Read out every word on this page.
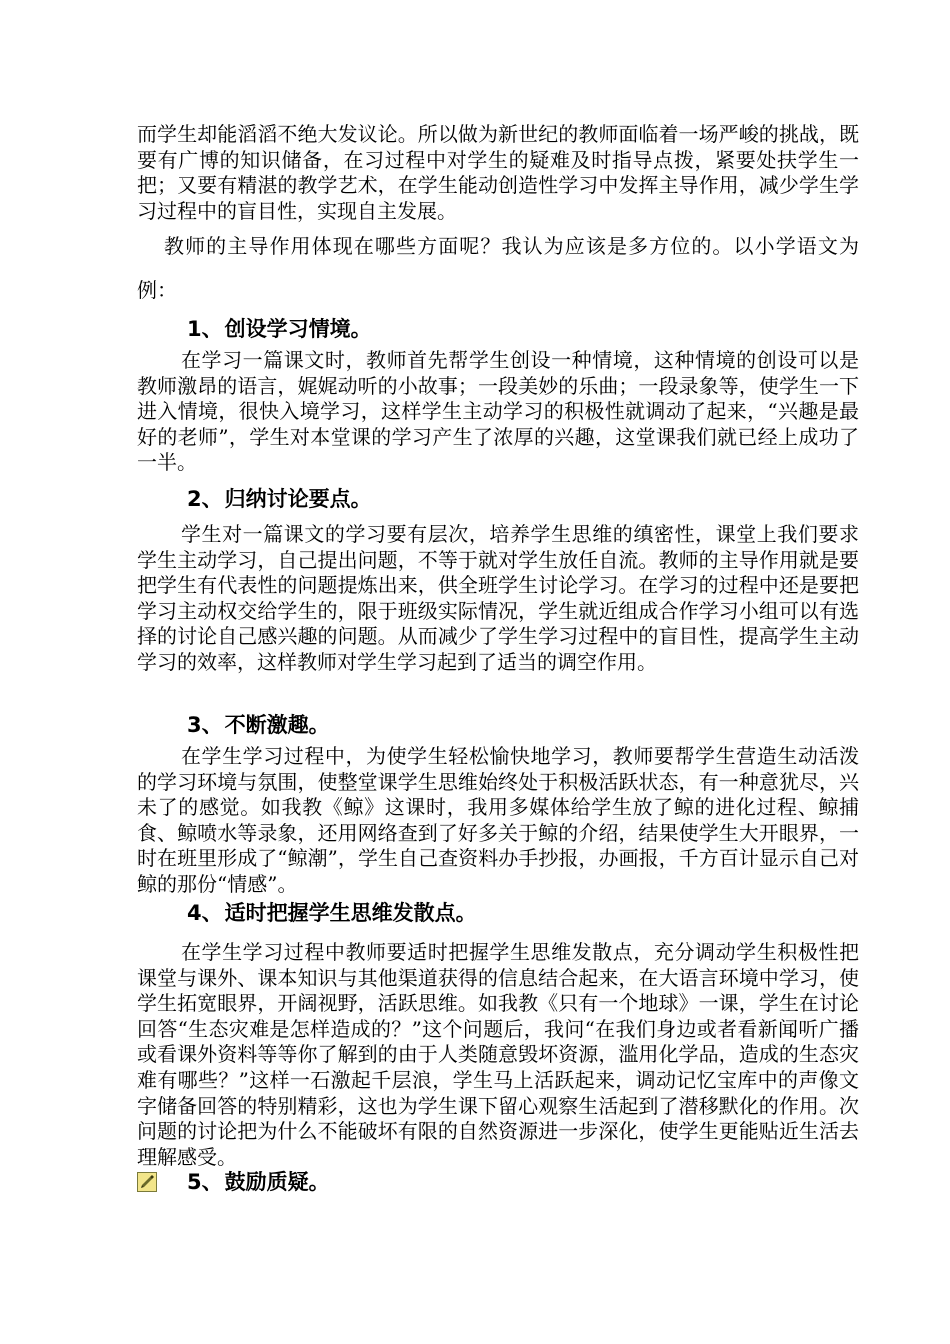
而学生却能滔滔不绝大发议论。所以做为新世纪的教师面临着一场严峻的挑战，既要有广博的知识储备，在习过程中对学生的疑难及时指导点拨，紧要处扶学生一把；又要有精湛的教学艺术，在学生能动创造性学习中发挥主导作用，减少学生学习过程中的盲目性，实现自主发展。

教师的主导作用体现在哪些方面呢？我认为应该是多方位的。以小学语文为例：

1、创设学习情境。

在学习一篇课文时，教师首先帮学生创设一种情境，这种情境的创设可以是教师激昂的语言，娓娓动听的小故事；一段美妙的乐曲；一段录象等，使学生一下进入情境，很快入境学习，这样学生主动学习的积极性就调动了起来，“兴趣是最好的老师”，学生对本堂课的学习产生了浓厚的兴趣，这堂课我们就已经上成功了一半。

2、归纳讨论要点。

学生对一篇课文的学习要有层次，培养学生思维的缜密性，课堂上我们要求学生主动学习，自己提出问题，不等于就对学生放任自流。教师的主导作用就是要把学生有代表性的问题提炼出来，供全班学生讨论学习。在学习的过程中还是要把学习主动权交给学生的，限于班级实际情况，学生就近组成合作学习小组可以有选择的讨论自己感兴趣的问题。从而减少了学生学习过程中的盲目性，提高学生主动学习的效率，这样教师对学生学习起到了适当的调空作用。

3、不断激趣。

在学生学习过程中，为使学生轻松愉快地学习，教师要帮学生营造生动活泼的学习环境与氛围，使整堂课学生思维始终处于积极活跃状态，有一种意犹尽，兴未了的感觉。如我教《鲸》这课时，我用多媒体给学生放了鲸的进化过程、鲸捕食、鲸喷水等录象，还用网络查到了好多关于鲸的介绍，结果使学生大开眼界，一时在班里形成了“鲸潮”，学生自己查资料办手抄报，办画报，千方百计显示自己对鲸的那份“情感”。

4、适时把握学生思维发散点。

在学生学习过程中教师要适时把握学生思维发散点，充分调动学生积极性把课堂与课外、课本知识与其他渠道获得的信息结合起来，在大语言环境中学习，使学生拓宽眼界，开阔视野，活跃思维。如我教《只有一个地球》一课，学生在讨论回答“生态灾难是怎样造成的？”这个问题后，我问“在我们身边或者看新闻听广播或看课外资料等等你了解到的由于人类随意毁坏资源，滥用化学品，造成的生态灾难有哪些？”这样一石激起千层浪，学生马上活跃起来，调动记忆宝库中的声像文字储备回答的特别精彩，这也为学生课下留心观察生活起到了潜移默化的作用。次问题的讨论把为什么不能破坏有限的自然资源进一步深化，使学生更能贴近生活去理解感受。

5、鼓励质疑。
